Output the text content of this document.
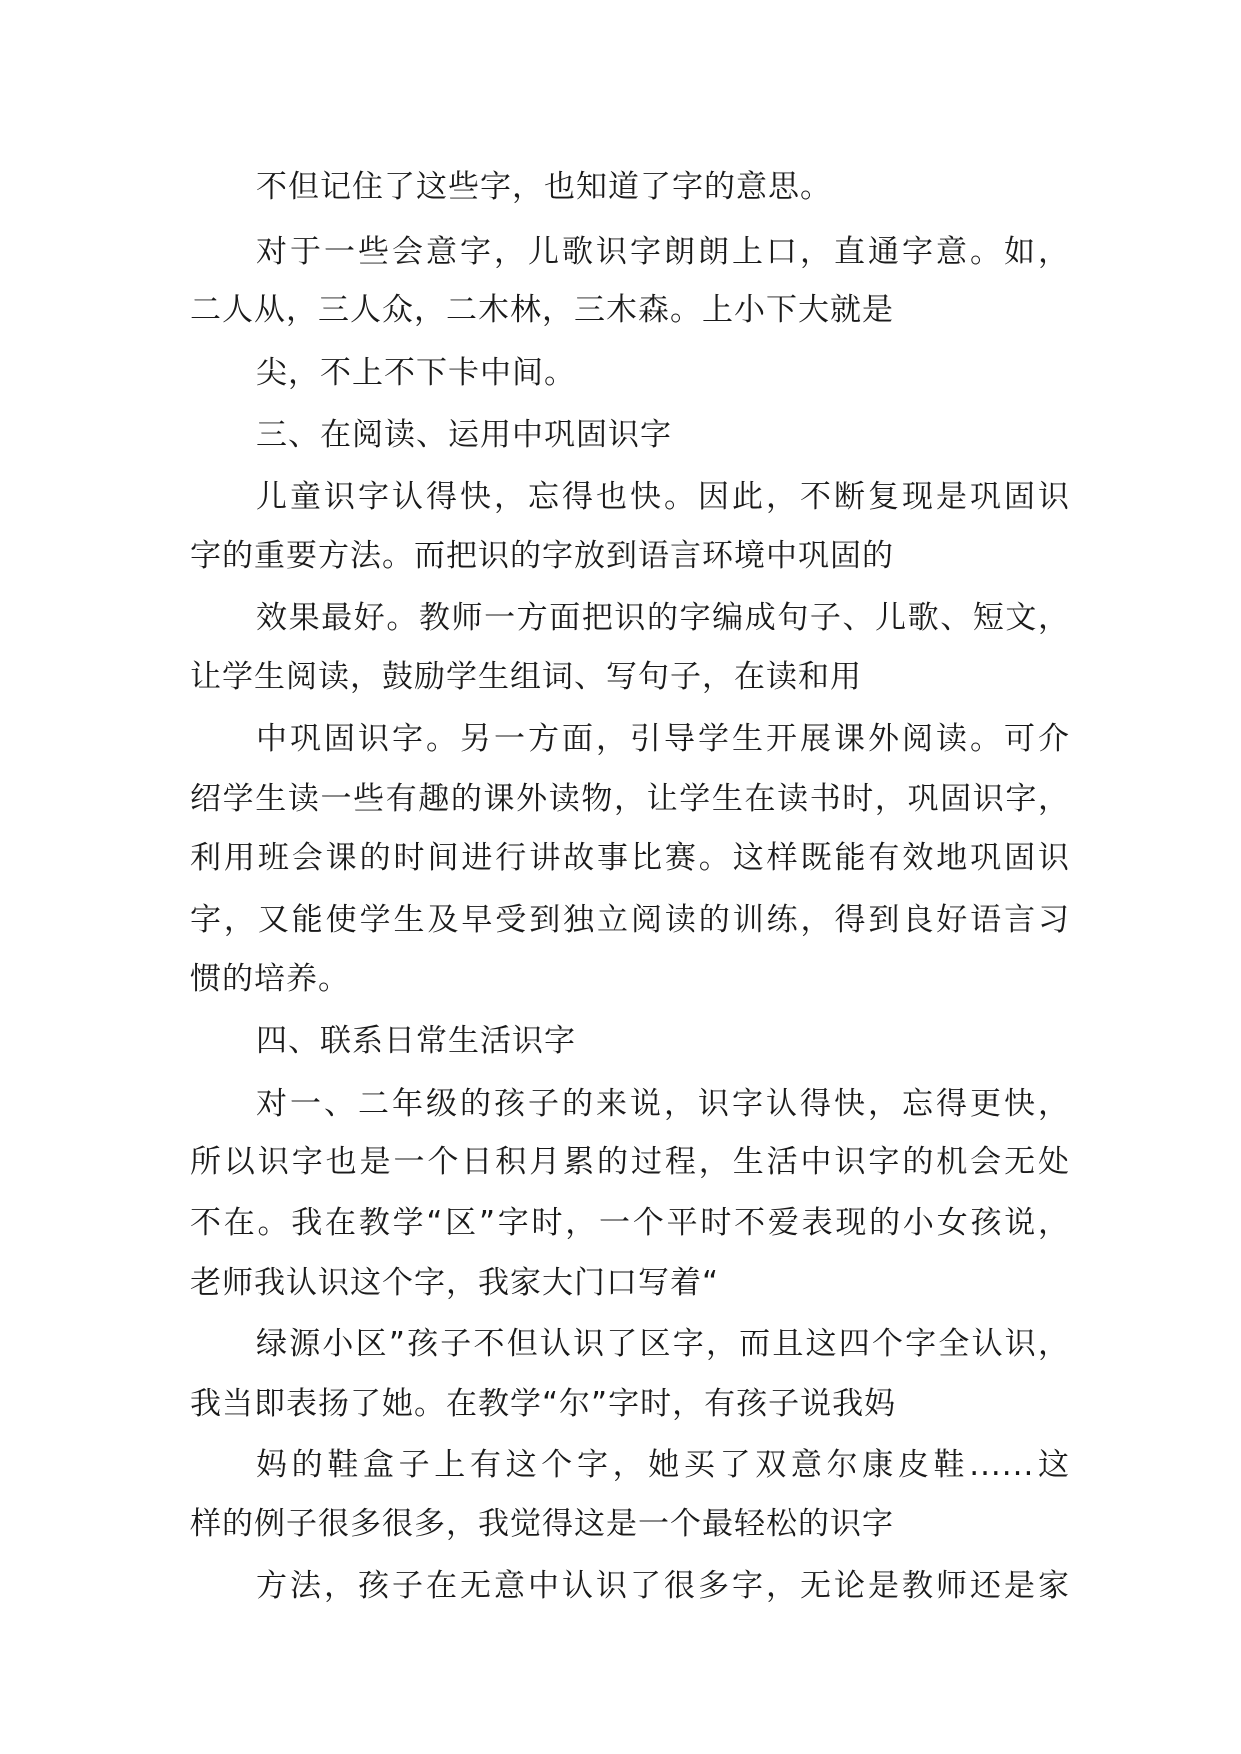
不但记住了这些字，也知道了字的意思。
对于一些会意字，儿歌识字朗朗上口，直通字意。如，
二人从，三人众，二木林，三木森。上小下大就是
尖，不上不下卡中间。
三、在阅读、运用中巩固识字
儿童识字认得快，忘得也快。因此，不断复现是巩固识
字的重要方法。而把识的字放到语言环境中巩固的
效果最好。教师一方面把识的字编成句子、儿歌、短文，
让学生阅读，鼓励学生组词、写句子，在读和用
中巩固识字。另一方面，引导学生开展课外阅读。可介
绍学生读一些有趣的课外读物，让学生在读书时，巩固识字，
利用班会课的时间进行讲故事比赛。这样既能有效地巩固识
字，又能使学生及早受到独立阅读的训练，得到良好语言习
惯的培养。
四、联系日常生活识字
对一、二年级的孩子的来说，识字认得快，忘得更快，
所以识字也是一个日积月累的过程，生活中识字的机会无处
不在。我在教学“区”字时，一个平时不爱表现的小女孩说，
老师我认识这个字，我家大门口写着“
绿源小区”孩子不但认识了区字，而且这四个字全认识，
我当即表扬了她。在教学“尔”字时，有孩子说我妈
妈的鞋盒子上有这个字，她买了双意尔康皮鞋......这
样的例子很多很多，我觉得这是一个最轻松的识字
方法，孩子在无意中认识了很多字，无论是教师还是家
